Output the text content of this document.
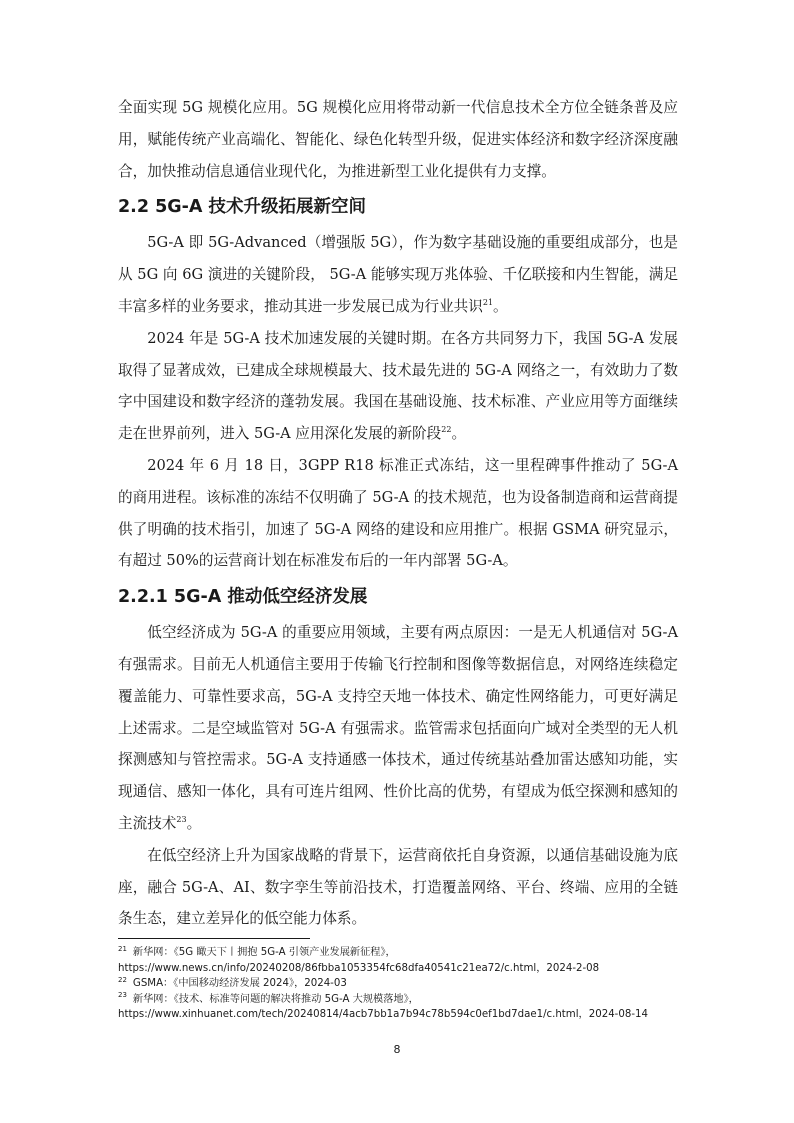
全面实现 5G 规模化应用。5G 规模化应用将带动新一代信息技术全方位全链条普及应用，赋能传统产业高端化、智能化、绿色化转型升级，促进实体经济和数字经济深度融合，加快推动信息通信业现代化，为推进新型工业化提供有力支撑。

2.2 5G-A 技术升级拓展新空间

5G-A 即 5G-Advanced（增强版 5G），作为数字基础设施的重要组成部分，也是从 5G 向 6G 演进的关键阶段， 5G-A 能够实现万兆体验、千亿联接和内生智能，满足丰富多样的业务要求，推动其进一步发展已成为行业共识$^{21}$。

2024 年是 5G-A 技术加速发展的关键时期。在各方共同努力下，我国 5G-A 发展取得了显著成效，已建成全球规模最大、技术最先进的 5G-A 网络之一，有效助力了数字中国建设和数字经济的蓬勃发展。我国在基础设施、技术标准、产业应用等方面继续走在世界前列，进入 5G-A 应用深化发展的新阶段$^{22}$。

2024 年 6 月 18 日，3GPP R18 标准正式冻结，这一里程碑事件推动了 5G-A 的商用进程。该标准的冻结不仅明确了 5G-A 的技术规范，也为设备制造商和运营商提供了明确的技术指引，加速了 5G-A 网络的建设和应用推广。根据 GSMA 研究显示，有超过 50%的运营商计划在标准发布后的一年内部署 5G-A。

2.2.1 5G-A 推动低空经济发展

低空经济成为 5G-A 的重要应用领域，主要有两点原因：一是无人机通信对 5G-A 有强需求。目前无人机通信主要用于传输飞行控制和图像等数据信息，对网络连续稳定覆盖能力、可靠性要求高，5G-A 支持空天地一体技术、确定性网络能力，可更好满足上述需求。二是空域监管对 5G-A 有强需求。监管需求包括面向广域对全类型的无人机探测感知与管控需求。5G-A 支持通感一体技术，通过传统基站叠加雷达感知功能，实现通信、感知一体化，具有可连片组网、性价比高的优势，有望成为低空探测和感知的主流技术$^{23}$。

在低空经济上升为国家战略的背景下，运营商依托自身资源，以通信基础设施为底座，融合 5G-A、AI、数字孪生等前沿技术，打造覆盖网络、平台、终端、应用的全链条生态，建立差异化的低空能力体系。

$^{21}$ 新华网：《5G 瞰天下丨拥抱 5G-A 引领产业发展新征程》，

https://www.news.cn/info/20240208/86fbba1053354fc68dfa40541c21ea72/c.html，2024-2-08

$^{22}$ GSMA：《中国移动经济发展 2024》，2024-03

$^{23}$ 新华网：《技术、标准等问题的解决将推动 5G-A 大规模落地》，

https://www.xinhuanet.com/tech/20240814/4acb7bb1a7b94c78b594c0ef1bd7dae1/c.html，2024-08-14

8
